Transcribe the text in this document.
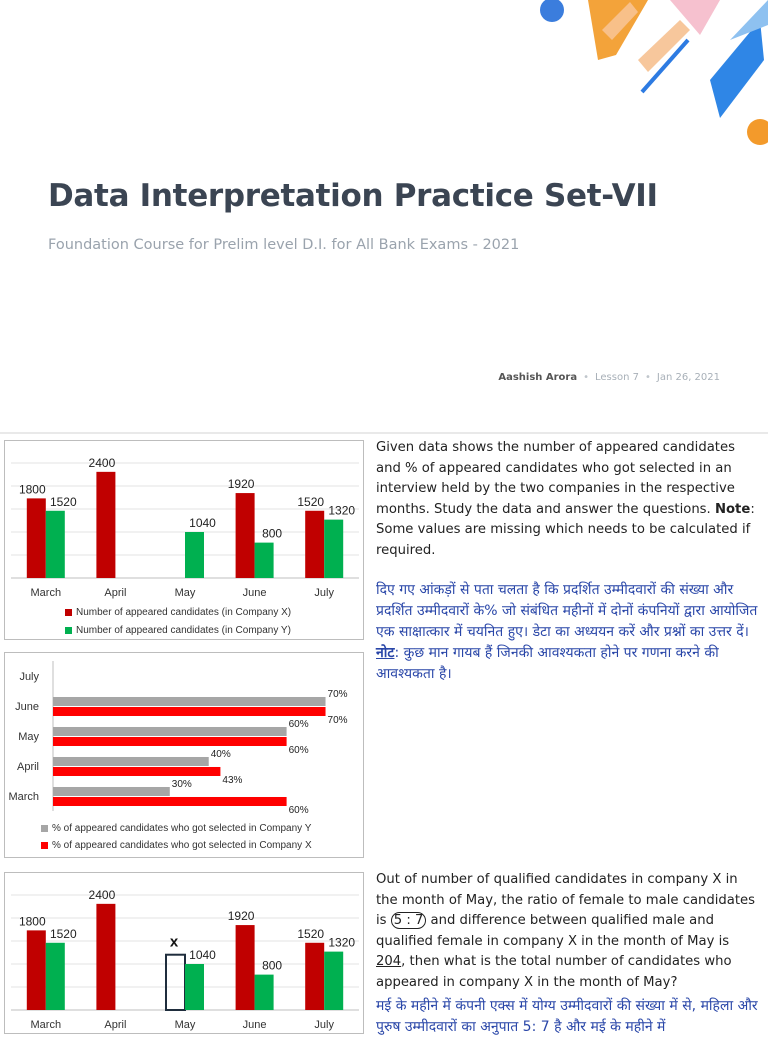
Data Interpretation Practice Set-VII
Foundation Course for Prelim level D.I. for All Bank Exams - 2021
Aashish Arora • Lesson 7 • Jan 26, 2021
1800
1520
March
2400
April
1040
May
1920
800
June
1520
1320
July
Number of appeared candidates (in Company X)
Number of appeared candidates (in Company Y)
July
June
70%
70%
May
60%
60%
April
40%
43%
March
30%
60%
% of appeared candidates who got selected in Company Y
% of appeared candidates who got selected in Company X
1800
1520
March
2400
April
x
1040
May
1920
800
June
1520
1320
July
Given data shows the number of appeared candidates and % of appeared candidates who got selected in an interview held by the two companies in the respective months. Study the data and answer the questions. Note: Some values are missing which needs to be calculated if required.
दिए गए आंकड़ों से पता चलता है कि प्रदर्शित उम्मीदवारों की संख्या और प्रदर्शित उम्मीदवारों के% जो संबंधित महीनों में दोनों कंपनियों द्वारा आयोजित एक साक्षात्कार में चयनित हुए। डेटा का अध्ययन करें और प्रश्नों का उत्तर दें। नोट: कुछ मान गायब हैं जिनकी आवश्यकता होने पर गणना करने की आवश्यकता है।
Out of number of qualified candidates in company X in the month of May, the ratio of female to male candidates is 5 : 7 and difference between qualified male and qualified female in company X in the month of May is 204, then what is the total number of candidates who appeared in company X in the month of May?
मई के महीने में कंपनी एक्स में योग्य उम्मीदवारों की संख्या में से, महिला और पुरुष उम्मीदवारों का अनुपात 5: 7 है और मई के महीने में
